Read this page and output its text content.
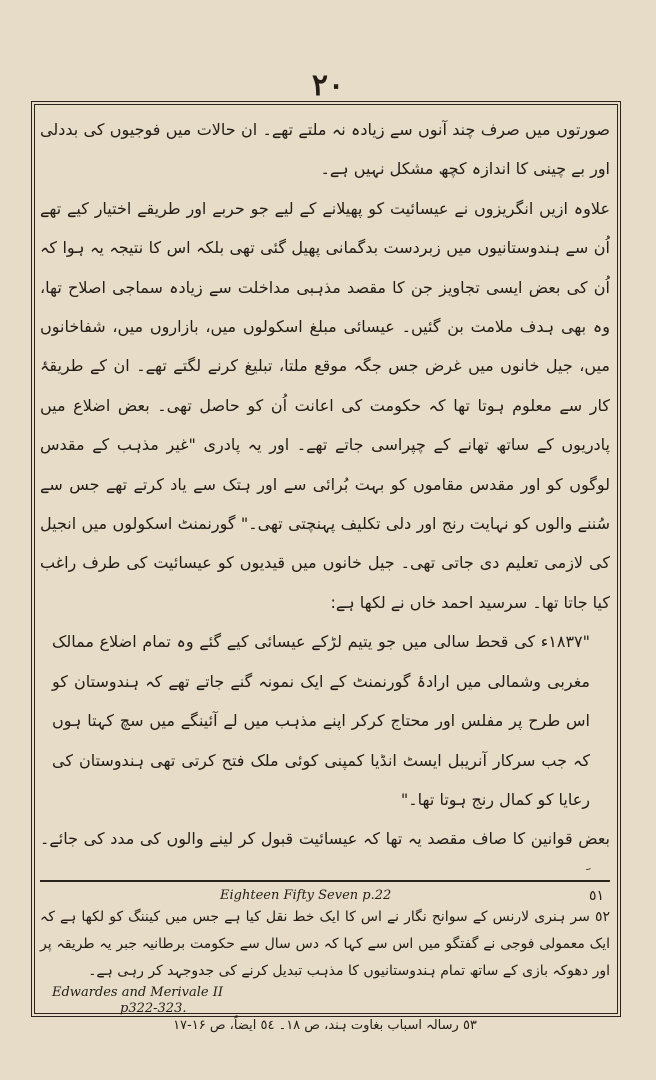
۲۰

صورتوں میں صرف چند آنوں سے زیادہ نہ ملتے تھے۔ ان حالات میں فوجیوں کی بددلی اور بے چینی کا اندازہ کچھ مشکل نہیں ہے۔

علاوہ ازیں انگریزوں نے عیسائیت کو پھیلانے کے لیے جو حربے اور طریقے اختیار کیے تھے اُن سے ہندوستانیوں میں زبردست بدگمانی پھیل گئی تھی بلکہ اس کا نتیجہ یہ ہوا کہ اُن کی بعض ایسی تجاویز جن کا مقصد مذہبی مداخلت سے زیادہ سماجی اصلاح تھا، وہ بھی ہدف ملامت بن گئیں۔ عیسائی مبلغ اسکولوں میں، بازاروں میں، شفاخانوں میں، جیل خانوں میں غرض جس جگہ موقع ملتا، تبلیغ کرنے لگتے تھے۔ ان کے طریقۂ کار سے معلوم ہوتا تھا کہ حکومت کی اعانت اُن کو حاصل تھی۔ بعض اضلاع میں پادریوں کے ساتھ تھانے کے چپراسی جاتے تھے۔ اور یہ پادری "غیر مذہب کے مقدس لوگوں کو اور مقدس مقاموں کو بہت بُرائی سے اور ہتک سے یاد کرتے تھے جس سے سُننے والوں کو نہایت رنج اور دلی تکلیف پہنچتی تھی۔" گورنمنٹ اسکولوں میں انجیل کی لازمی تعلیم دی جاتی تھی۔ جیل خانوں میں قیدیوں کو عیسائیت کی طرف راغب کیا جاتا تھا۔ سرسید احمد خاں نے لکھا ہے:

"۱۸۳۷ء کی قحط سالی میں جو یتیم لڑکے عیسائی کیے گئے وہ تمام اضلاع ممالک مغربی وشمالی میں ارادۂ گورنمنٹ کے ایک نمونہ گنے جاتے تھے کہ ہندوستان کو اس طرح پر مفلس اور محتاج کرکر اپنے مذہب میں لے آئینگے میں سچ کہتا ہوں کہ جب سرکار آنریبل ایسٹ انڈیا کمپنی کوئی ملک فتح کرتی تھی ہندوستان کی رعایا کو کمال رنج ہوتا تھا۔"

بعض قوانین کا صاف مقصد یہ تھا کہ عیسائیت قبول کر لینے والوں کی مدد کی جائے۔

Eighteen Fifty Seven p.22	٥١
٥٢ سر ہنری لارنس کے سوانح نگار نے اس کا ایک خط نقل کیا ہے جس میں کیننگ کو لکھا ہے کہ ایک معمولی فوجی نے گفتگو میں اس سے کہا کہ دس سال سے حکومت برطانیہ جبر یہ طریقہ پر اور دھوکہ بازی کے ساتھ تمام ہندوستانیوں کا مذہب تبدیل کرنے کی جدوجہد کر رہی ہے۔
Edwardes and Merivale II
p322-323.
٥٣ رسالہ اسباب بغاوت ہند، ص ۱۸۔ ٥٤ ایضاً، ص ۱۶-۱۷
